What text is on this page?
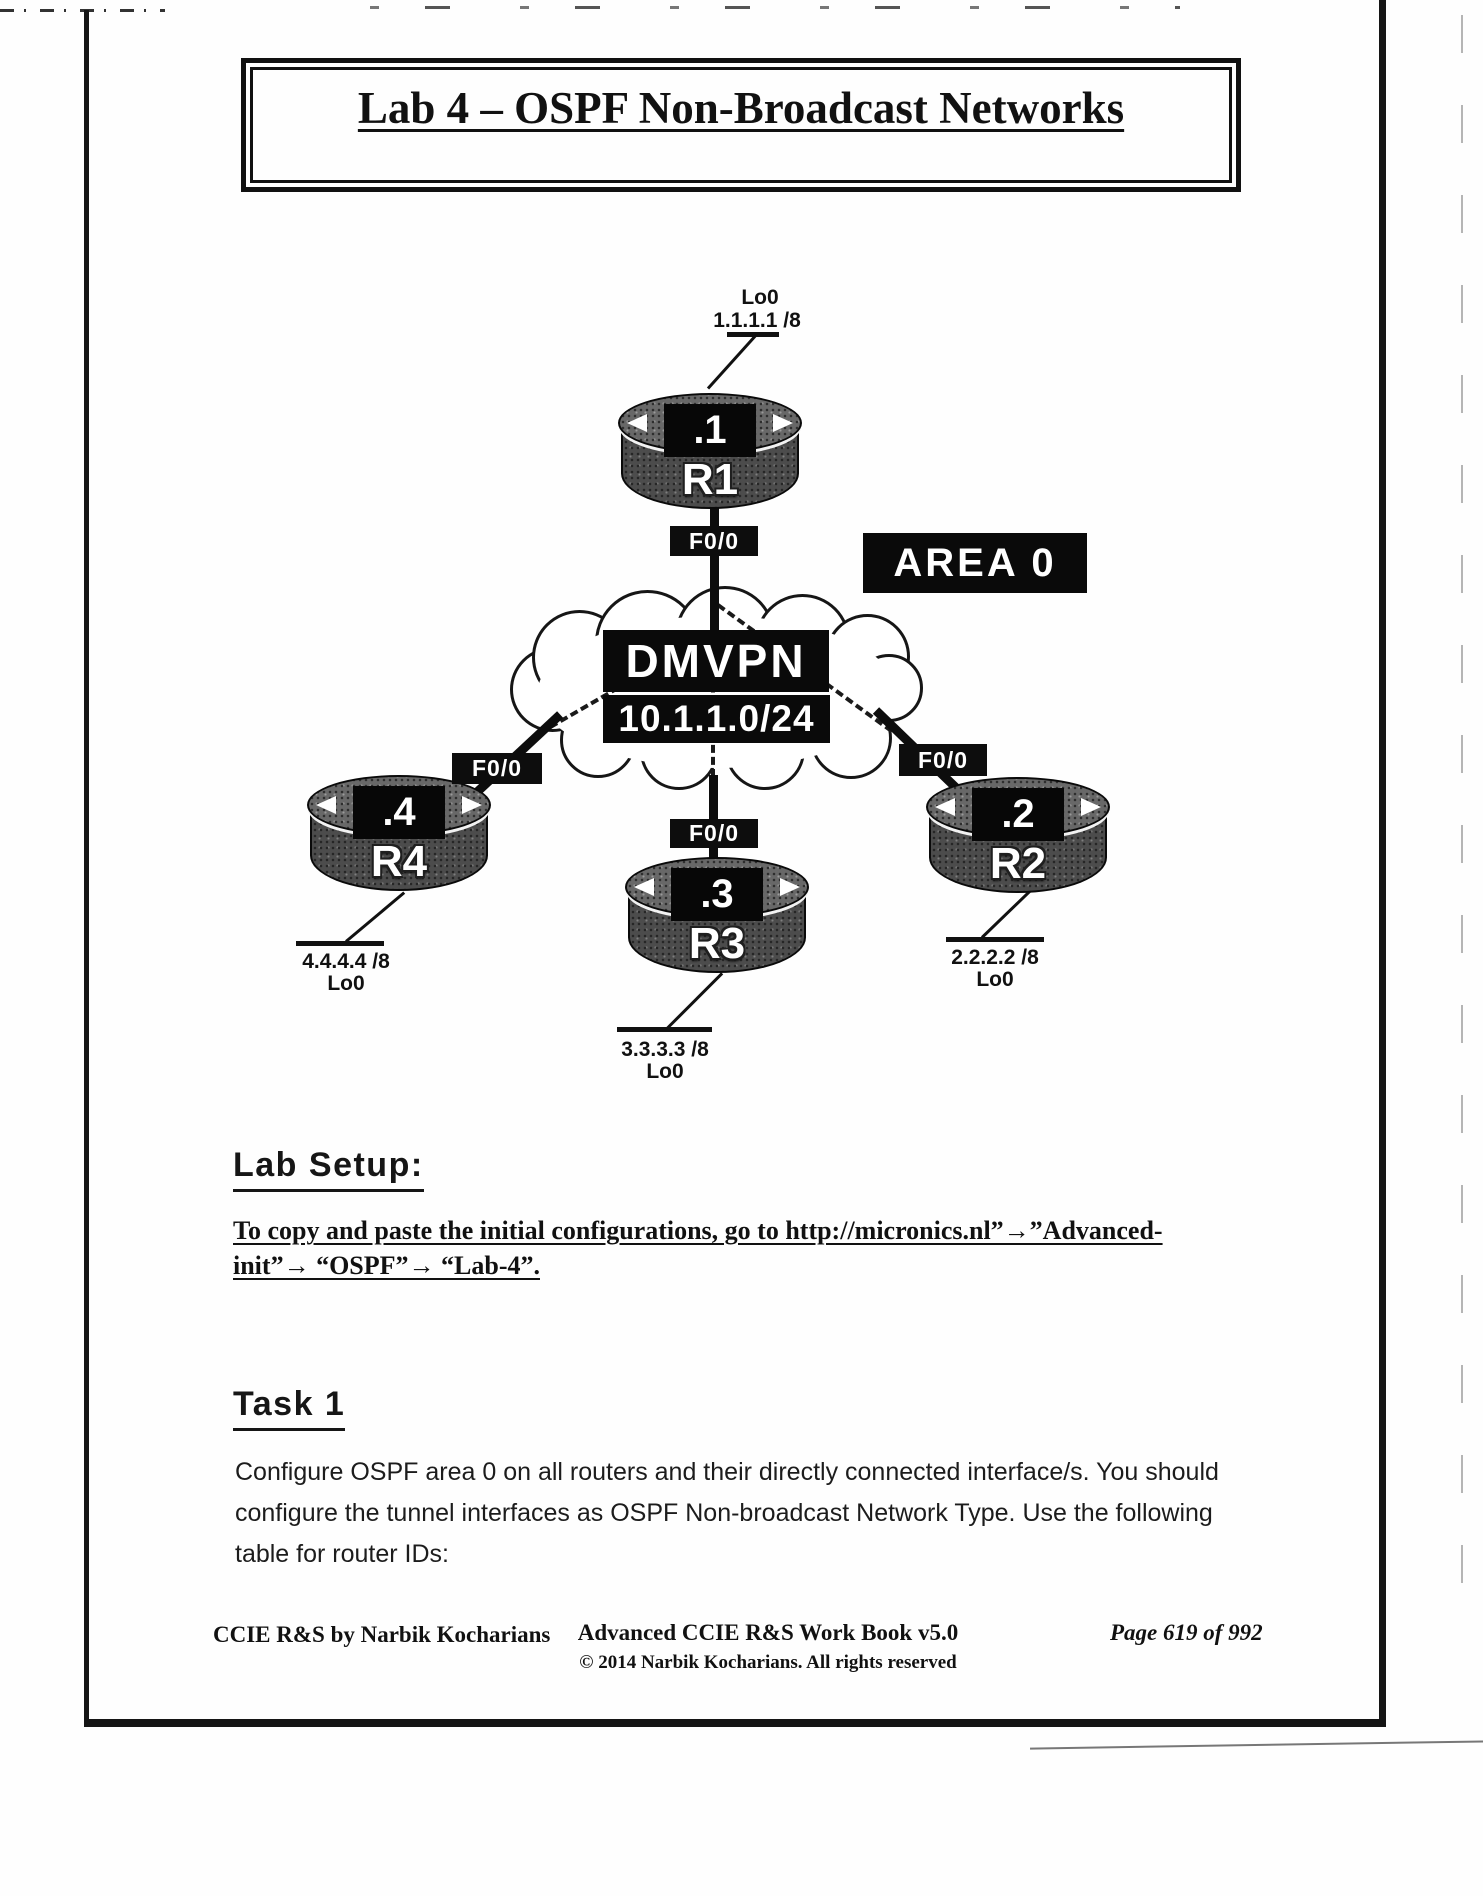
Lab 4 – OSPF Non-Broadcast Networks
Lo0
1.1.1.1 /8
DMVPN
10.1.1.0/24
AREA 0
F0/0
F0/0	F0/0
F0/0
.1
R1
.4
R4
.3
R3
.2
R2
4.4.4.4 /8
Lo0
3.3.3.3 /8
Lo0
2.2.2.2 /8
Lo0
Lab Setup:
To copy and paste the initial configurations, go to http://micronics.nl”→”Advanced-
init”→ “OSPF”→ “Lab-4”.
Task 1
Configure OSPF area 0 on all routers and their directly connected interface/s. You should
configure the tunnel interfaces as OSPF Non-broadcast Network Type. Use the following
table for router IDs:
CCIE R&S by Narbik Kocharians	Advanced CCIE R&S Work Book v5.0
© 2014 Narbik Kocharians. All rights reserved
Page 619 of 992
